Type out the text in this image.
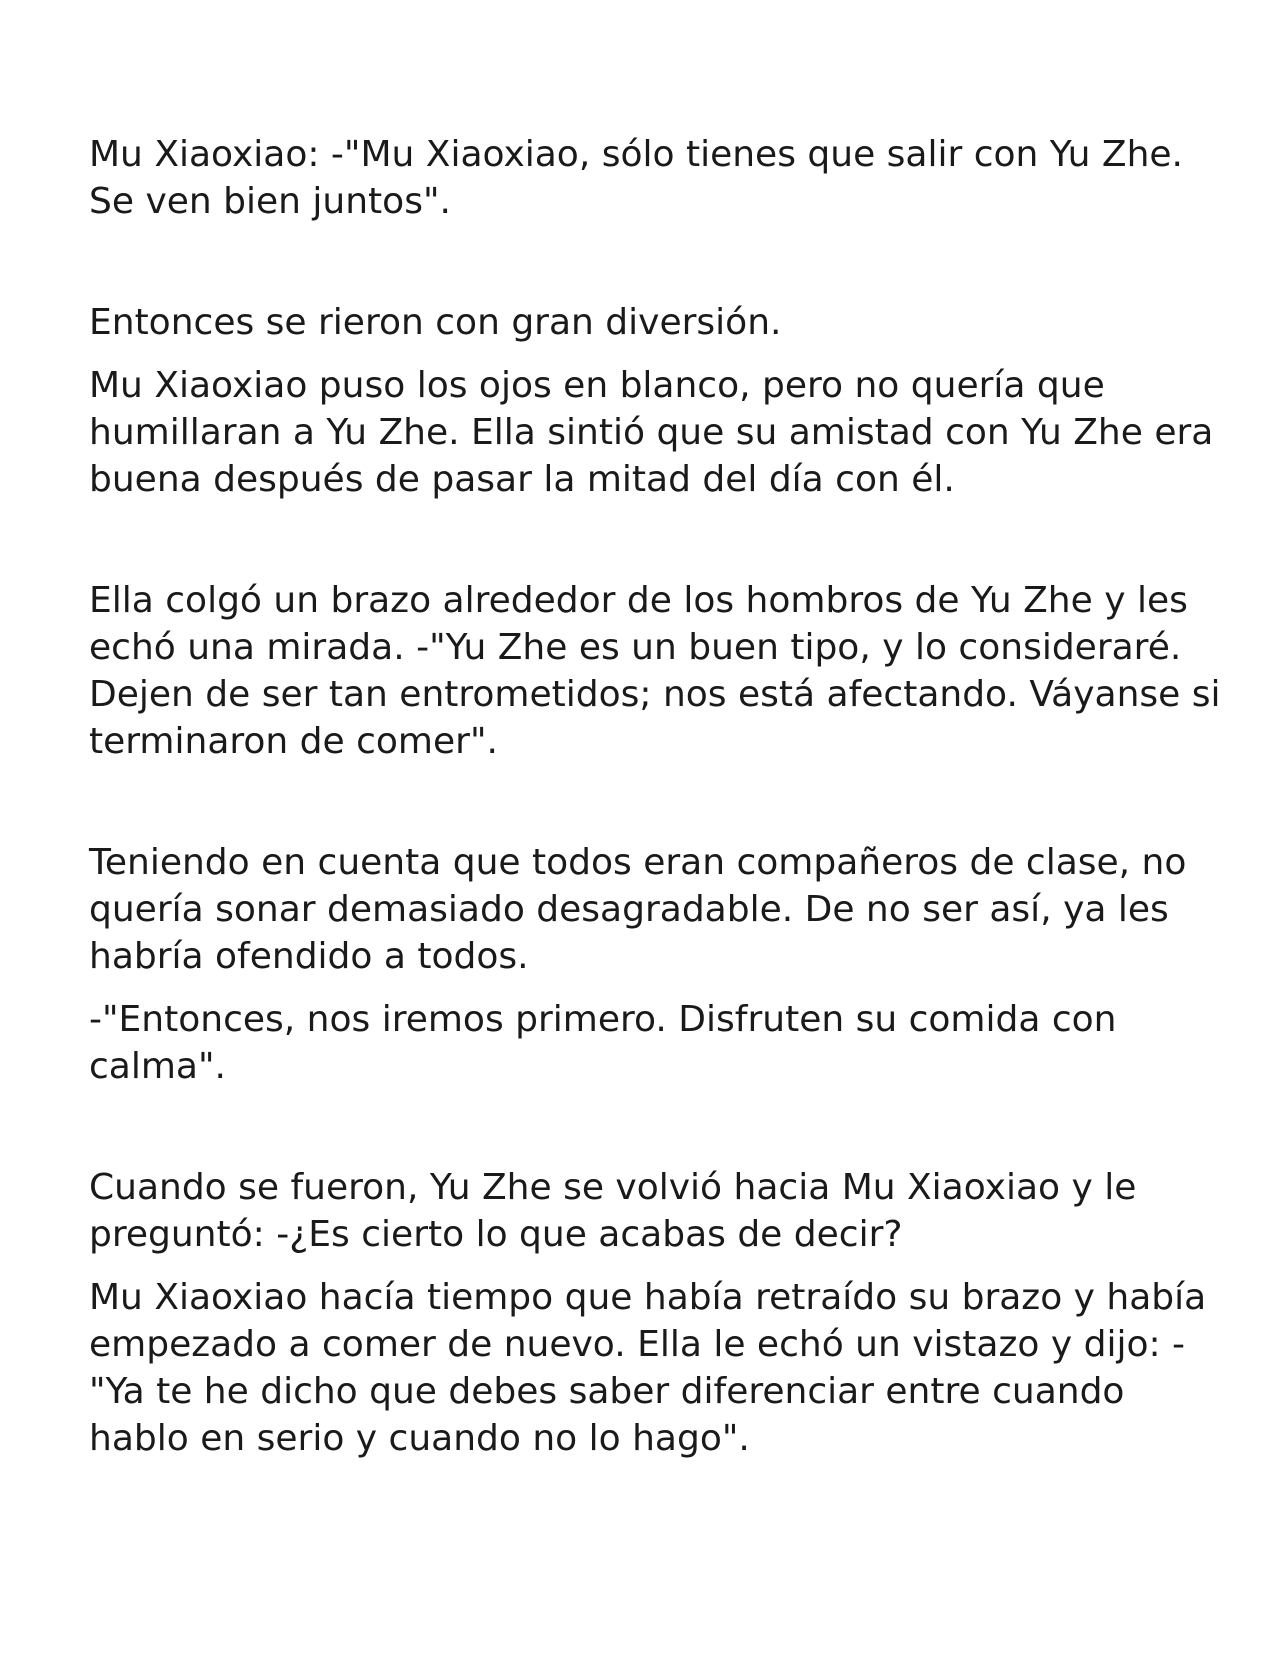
Mu Xiaoxiao: -"Mu Xiaoxiao, sólo tienes que salir con Yu Zhe. Se ven bien juntos".

Entonces se rieron con gran diversión.

Mu Xiaoxiao puso los ojos en blanco, pero no quería que humillaran a Yu Zhe. Ella sintió que su amistad con Yu Zhe era buena después de pasar la mitad del día con él.

Ella colgó un brazo alrededor de los hombros de Yu Zhe y les echó una mirada. -"Yu Zhe es un buen tipo, y lo consideraré. Dejen de ser tan entrometidos; nos está afectando. Váyanse si terminaron de comer".

Teniendo en cuenta que todos eran compañeros de clase, no quería sonar demasiado desagradable. De no ser así, ya les habría ofendido a todos.

-"Entonces, nos iremos primero. Disfruten su comida con calma".

Cuando se fueron, Yu Zhe se volvió hacia Mu Xiaoxiao y le preguntó: -¿Es cierto lo que acabas de decir?

Mu Xiaoxiao hacía tiempo que había retraído su brazo y había empezado a comer de nuevo. Ella le echó un vistazo y dijo: -"Ya te he dicho que debes saber diferenciar entre cuando hablo en serio y cuando no lo hago".
